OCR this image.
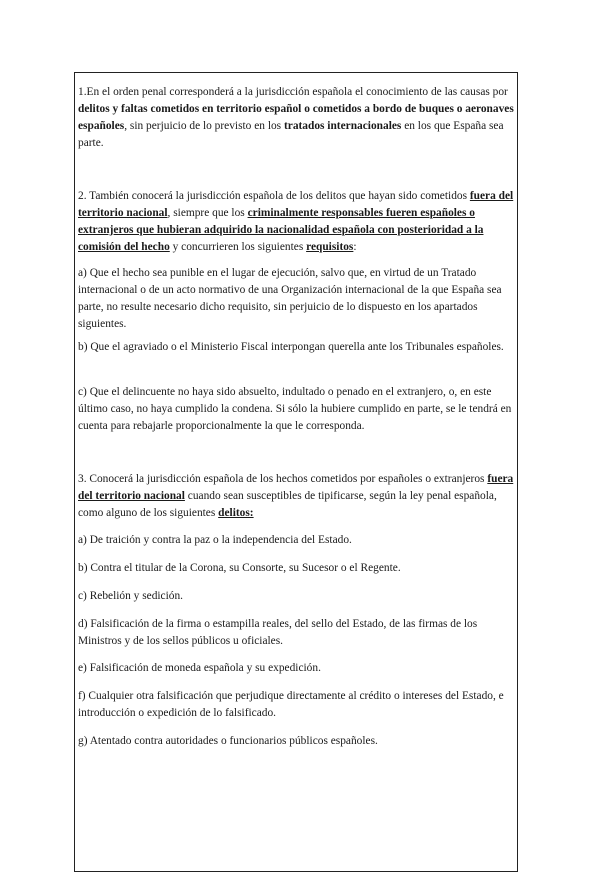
1.En el orden penal corresponderá a la jurisdicción española el conocimiento de las causas por delitos y faltas cometidos en territorio español o cometidos a bordo de buques o aeronaves españoles, sin perjuicio de lo previsto en los tratados internacionales en los que España sea parte.

2. También conocerá la jurisdicción española de los delitos que hayan sido cometidos fuera del territorio nacional, siempre que los criminalmente responsables fueren españoles o extranjeros que hubieran adquirido la nacionalidad española con posterioridad a la comisión del hecho y concurrieren los siguientes requisitos:

a) Que el hecho sea punible en el lugar de ejecución, salvo que, en virtud de un Tratado internacional o de un acto normativo de una Organización internacional de la que España sea parte, no resulte necesario dicho requisito, sin perjuicio de lo dispuesto en los apartados siguientes.

b) Que el agraviado o el Ministerio Fiscal interpongan querella ante los Tribunales españoles.

c) Que el delincuente no haya sido absuelto, indultado o penado en el extranjero, o, en este último caso, no haya cumplido la condena. Si sólo la hubiere cumplido en parte, se le tendrá en cuenta para rebajarle proporcionalmente la que le corresponda.

3. Conocerá la jurisdicción española de los hechos cometidos por españoles o extranjeros fuera del territorio nacional cuando sean susceptibles de tipificarse, según la ley penal española, como alguno de los siguientes delitos:

a) De traición y contra la paz o la independencia del Estado.

b) Contra el titular de la Corona, su Consorte, su Sucesor o el Regente.

c) Rebelión y sedición.

d) Falsificación de la firma o estampilla reales, del sello del Estado, de las firmas de los Ministros y de los sellos públicos u oficiales.

e) Falsificación de moneda española y su expedición.

f) Cualquier otra falsificación que perjudique directamente al crédito o intereses del Estado, e introducción o expedición de lo falsificado.

g) Atentado contra autoridades o funcionarios públicos españoles.
